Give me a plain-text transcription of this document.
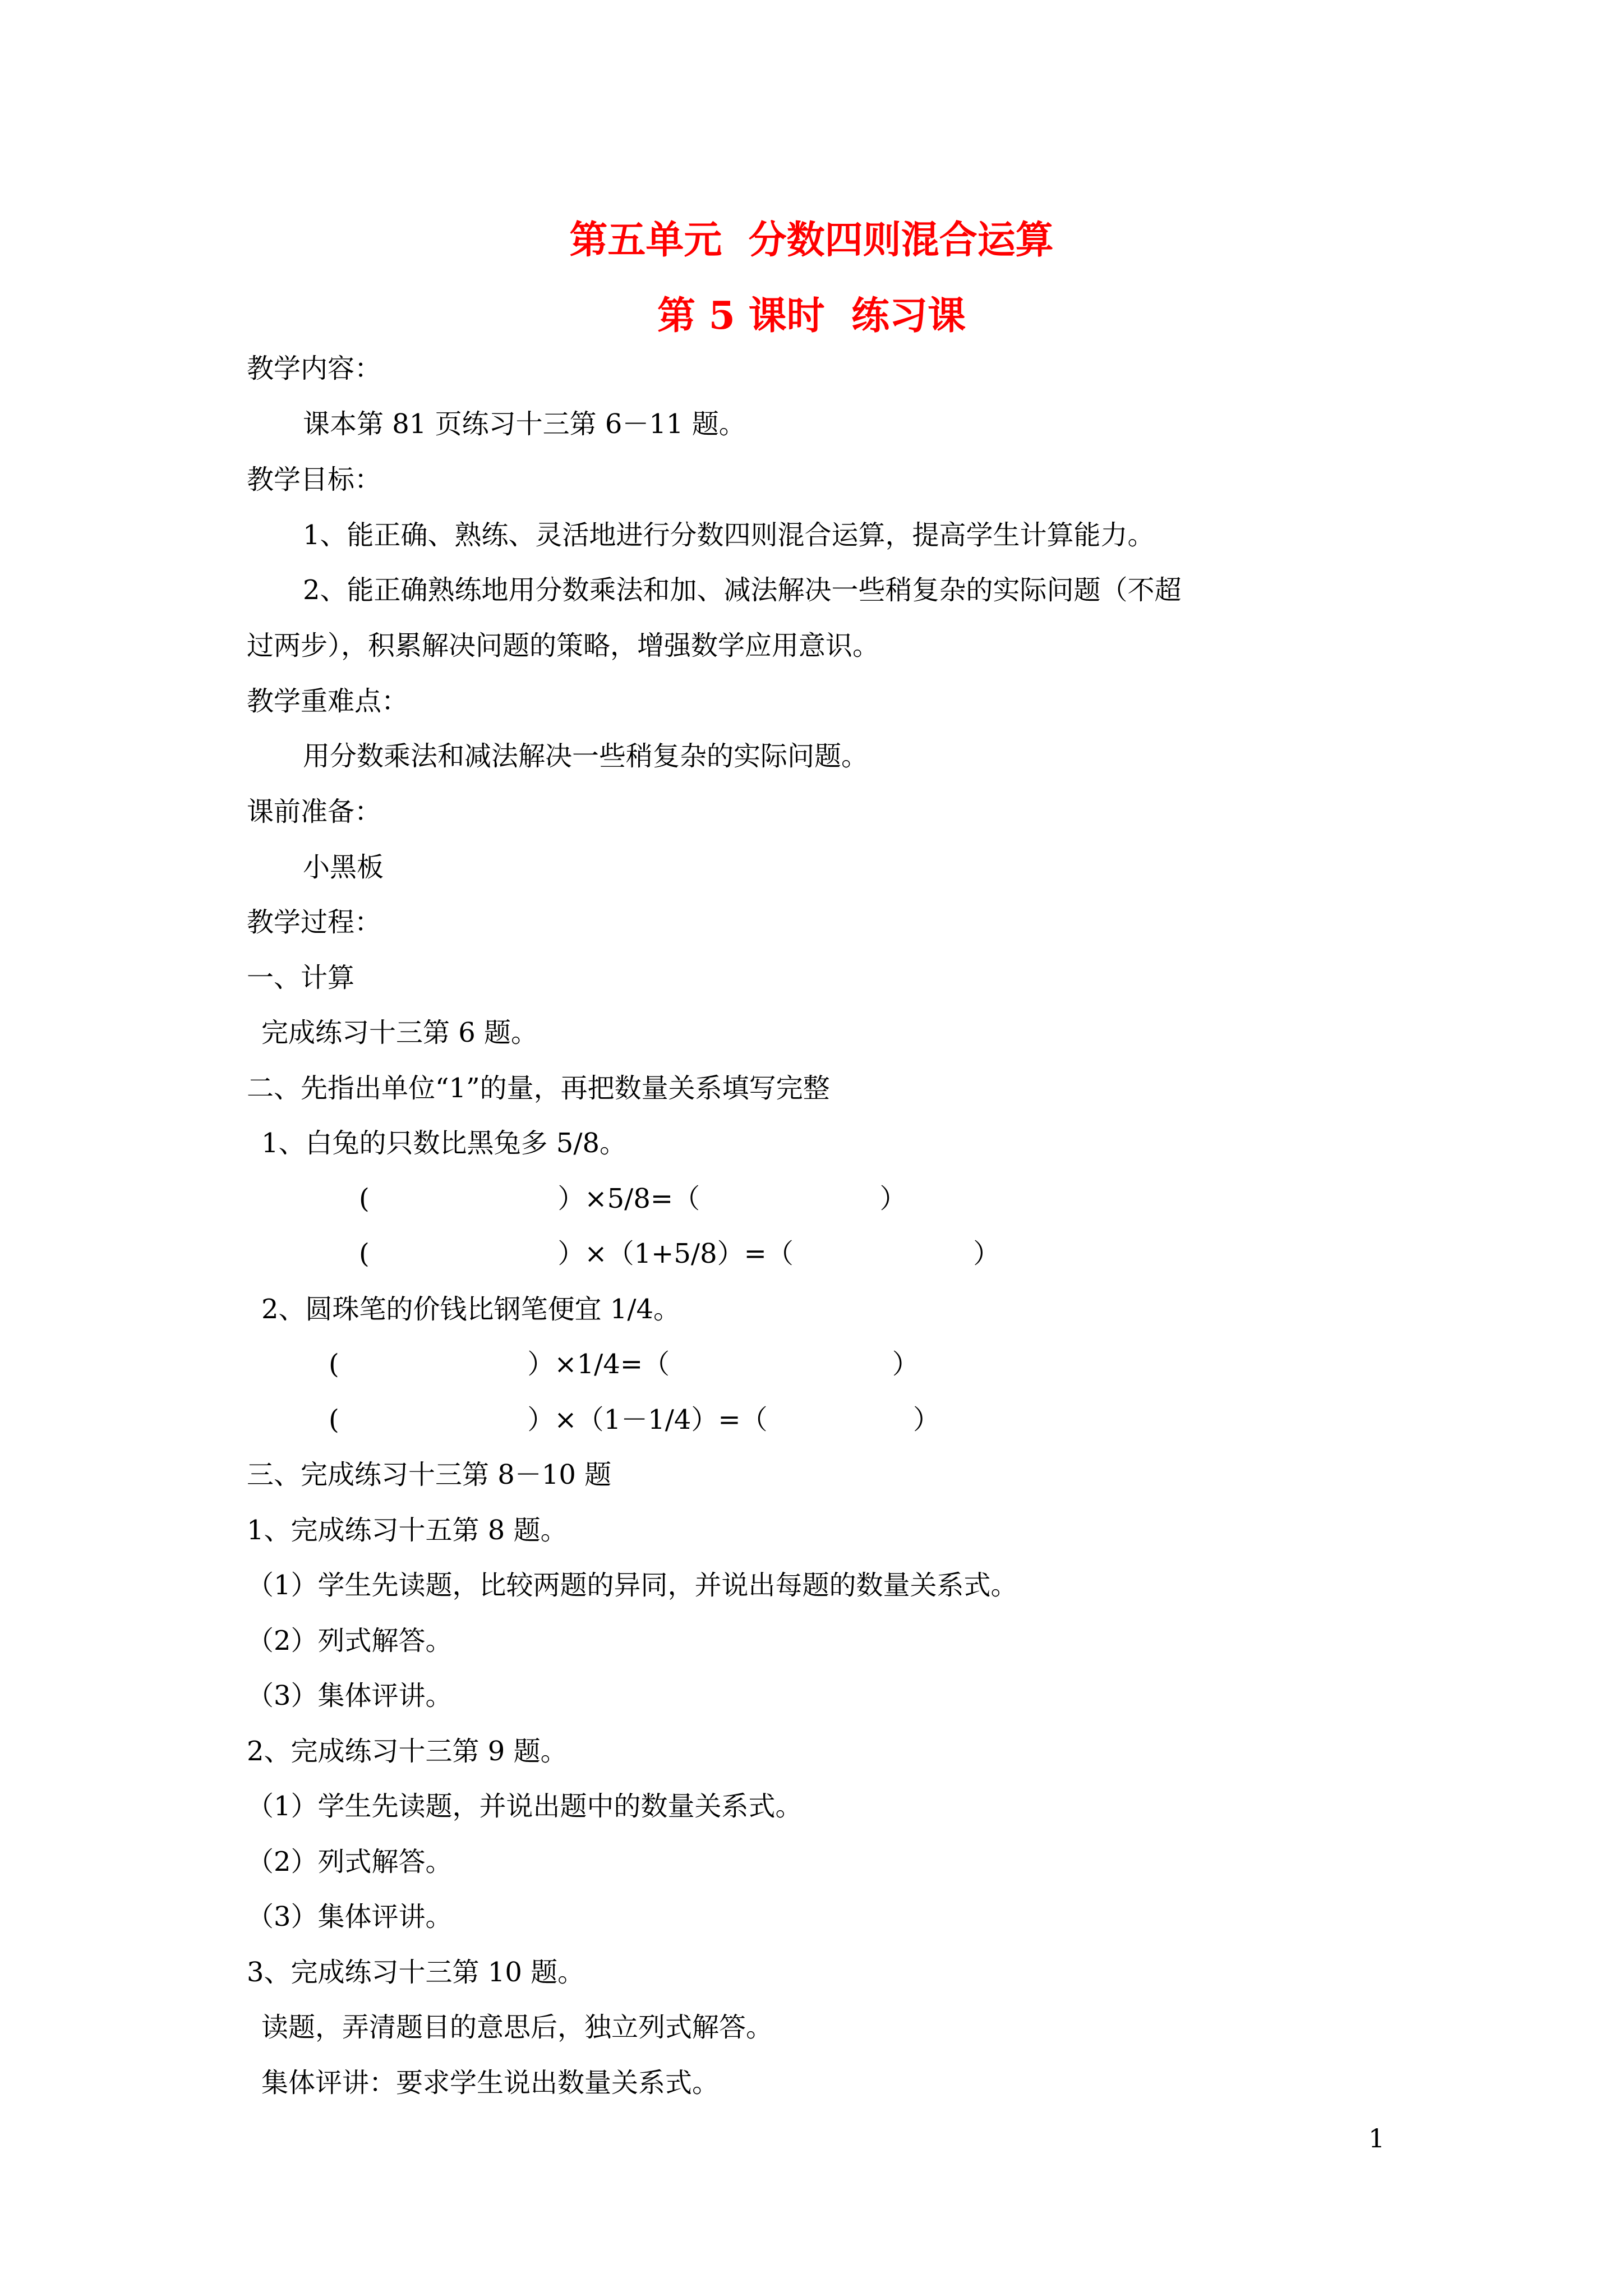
第五单元  分数四则混合运算
第 5 课时  练习课
教学内容：
课本第 81 页练习十三第 6－11 题。
教学目标：
1、能正确、熟练、灵活地进行分数四则混合运算，提高学生计算能力。
2、能正确熟练地用分数乘法和加、减法解决一些稍复杂的实际问题（不超
过两步），积累解决问题的策略，增强数学应用意识。
教学重难点：
用分数乘法和减法解决一些稍复杂的实际问题。
课前准备：
小黑板
教学过程：
一、计算
完成练习十三第 6 题。
二、先指出单位“1”的量，再把数量关系填写完整
1、白兔的只数比黑兔多 5/8。
(                      ）×5/8=（                     ）
(                      ）×（1+5/8）=（                     ）
2、圆珠笔的价钱比钢笔便宜 1/4。
(                      ）×1/4=（                          ）
(                      ）×（1－1/4）=（                 ）
三、完成练习十三第 8－10 题
1、完成练习十五第 8 题。
（1）学生先读题，比较两题的异同，并说出每题的数量关系式。
（2）列式解答。
（3）集体评讲。
2、完成练习十三第 9 题。
（1）学生先读题，并说出题中的数量关系式。
（2）列式解答。
（3）集体评讲。
3、完成练习十三第 10 题。
读题，弄清题目的意思后，独立列式解答。
集体评讲：要求学生说出数量关系式。
1
